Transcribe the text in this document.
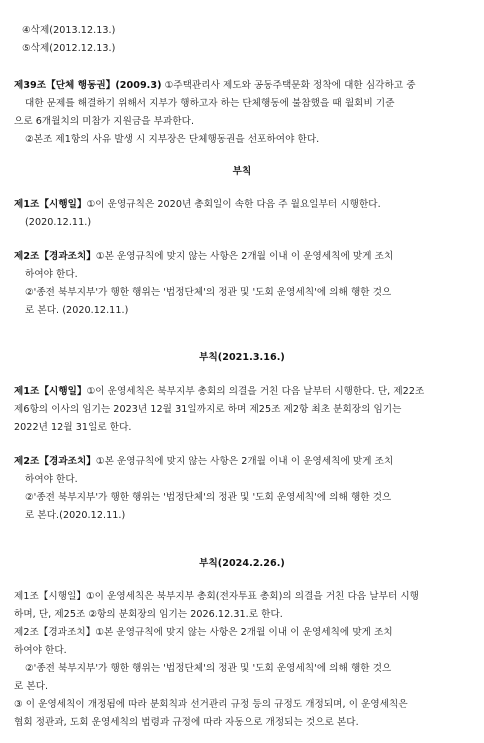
④삭제(2013.12.13.)
⑤삭제(2012.12.13.)
제39조【단체 행동권】(2009.3) ①주택관리사 제도와 공동주택문화 정착에 대한 심각하고 중
대한 문제를 해결하기 위해서 지부가 행하고자 하는 단체행동에 불참했을 때 월회비 기준
으로 6개월치의 미참가 지원금을 부과한다.
②본조 제1항의 사유 발생 시 지부장은 단체행동권을 선포하여야 한다.
부칙
제1조【시행일】①이 운영규칙은 2020년 총회일이 속한 다음 주 월요일부터 시행한다.
(2020.12.11.)
제2조【경과조치】①본 운영규칙에 맞지 않는 사항은 2개월 이내 이 운영세칙에 맞게 조치
하여야 한다.
②'종전 북부지부'가 행한 행위는 '법정단체'의 정관 및 '도회 운영세칙'에 의해 행한 것으
로 본다. (2020.12.11.)
부칙(2021.3.16.)
제1조【시행일】①이 운영세칙은 북부지부 총회의 의결을 거친 다음 날부터 시행한다. 단, 제22조
제6항의 이사의 임기는 2023년 12월 31일까지로 하며 제25조 제2항 최초 분회장의 임기는
2022년 12월 31일로 한다.
제2조【경과조치】①본 운영규칙에 맞지 않는 사항은 2개월 이내 이 운영세칙에 맞게 조치
하여야 한다.
②'종전 북부지부'가 행한 행위는 '법정단체'의 정관 및 '도회 운영세칙'에 의해 행한 것으
로 본다.(2020.12.11.)
부칙(2024.2.26.)
제1조【시행일】①이 운영세칙은 북부지부 총회(전자투표 총회)의 의결을 거친 다음 날부터 시행
하며, 단, 제25조 ②항의 분회장의 임기는 2026.12.31.로 한다.
제2조【경과조치】①본 운영규칙에 맞지 않는 사항은 2개월 이내 이 운영세칙에 맞게 조치
하여야 한다.
②'종전 북부지부'가 행한 행위는 '법정단체'의 정관 및 '도회 운영세칙'에 의해 행한 것으
로 본다.
③ 이 운영세칙이 개정됨에 따라 분회칙과 선거관리 규정 등의 규정도 개정되며, 이 운영세칙은
협회 정관과, 도회 운영세칙의 법령과 규정에 따라 자동으로 개정되는 것으로 본다.
